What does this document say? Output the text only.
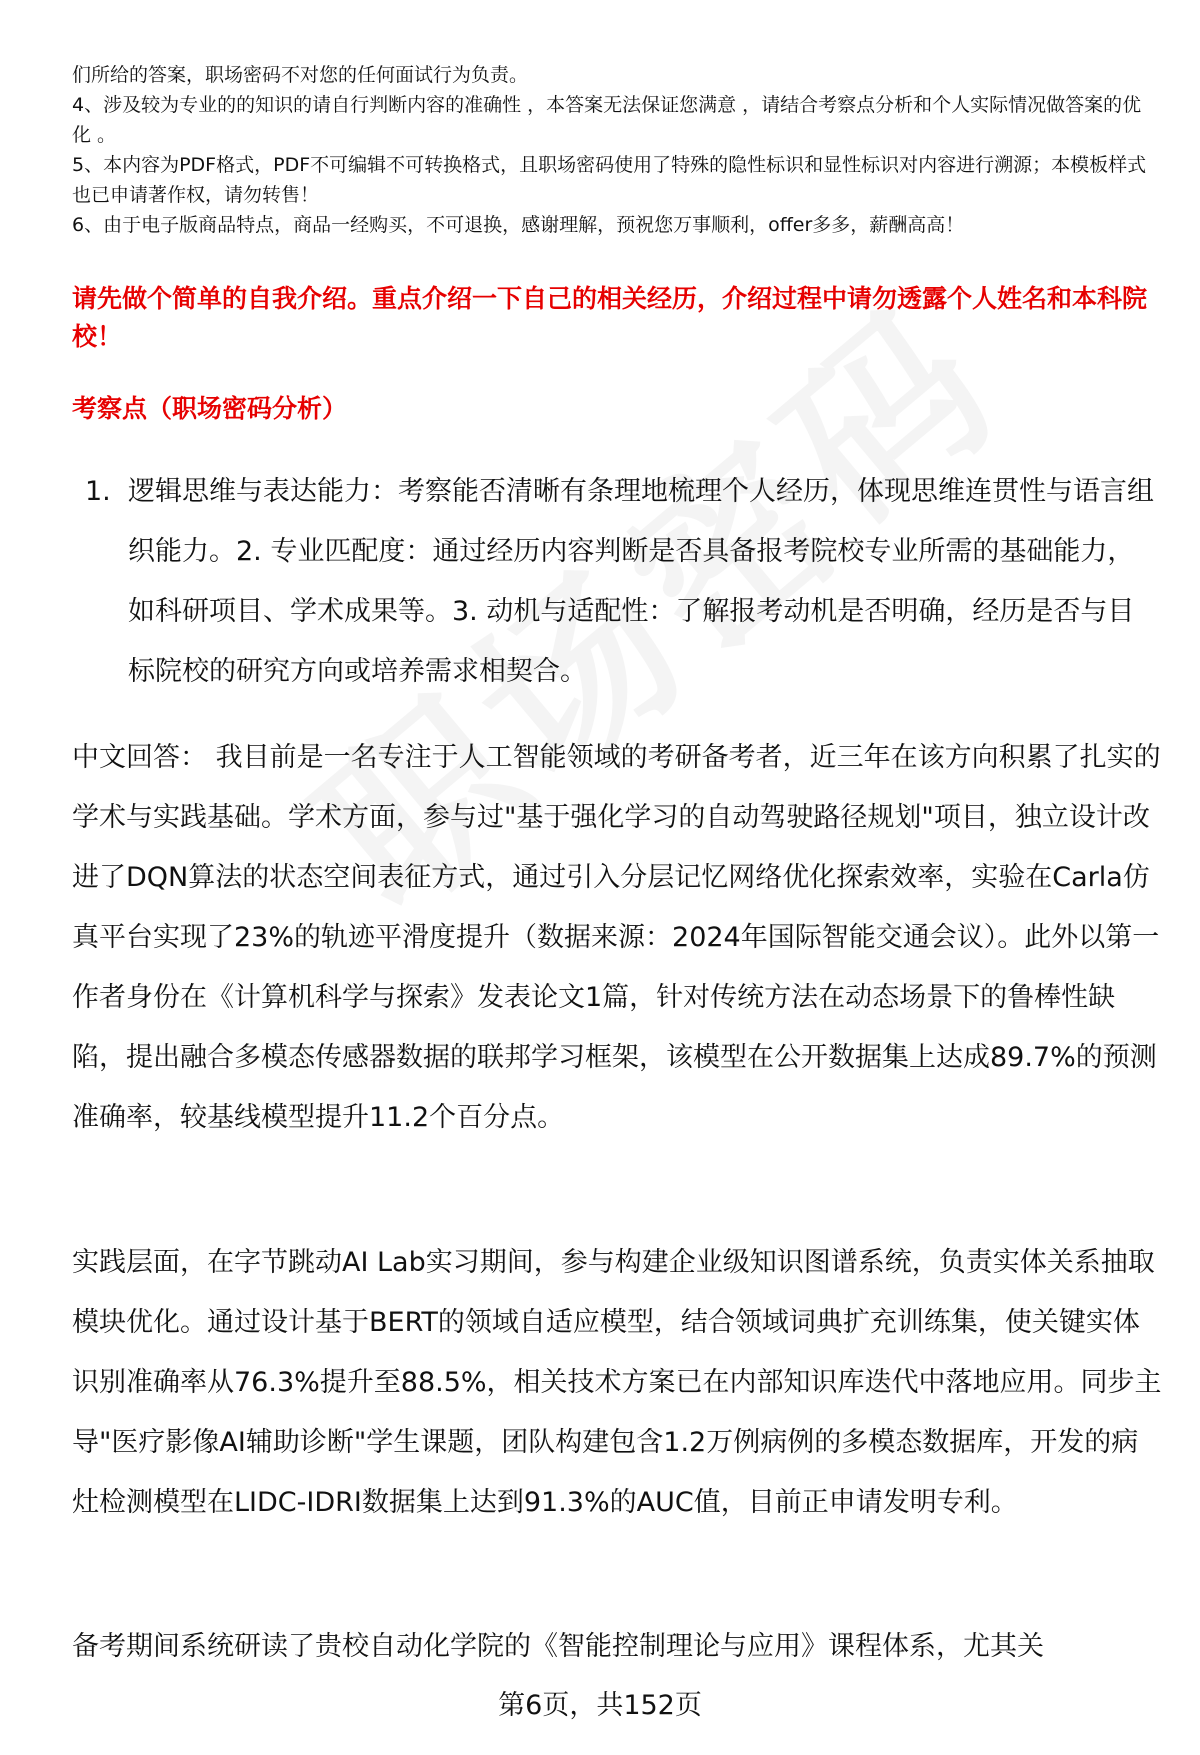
们所给的答案，职场密码不对您的任何面试行为负责。

4、涉及较为专业的的知识的请自行判断内容的准确性 ，本答案无法保证您满意 ，请结合考察点分析和个人实际情况做答案的优化 。

5、本内容为PDF格式，PDF不可编辑不可转换格式，且职场密码使用了特殊的隐性标识和显性标识对内容进行溯源；本模板样式也已申请著作权，请勿转售！

6、由于电子版商品特点，商品一经购买，不可退换，感谢理解，预祝您万事顺利，offer多多，薪酬高高！

请先做个简单的自我介绍。重点介绍一下自己的相关经历，介绍过程中请勿透露个人姓名和本科院校！
考察点（职场密码分析）
1. 逻辑思维与表达能力：考察能否清晰有条理地梳理个人经历，体现思维连贯性与语言组织能力。2. 专业匹配度：通过经历内容判断是否具备报考院校专业所需的基础能力，如科研项目、学术成果等。3. 动机与适配性：了解报考动机是否明确，经历是否与目标院校的研究方向或培养需求相契合。

中文回答： 我目前是一名专注于人工智能领域的考研备考者，近三年在该方向积累了扎实的学术与实践基础。学术方面，参与过"基于强化学习的自动驾驶路径规划"项目，独立设计改进了DQN算法的状态空间表征方式，通过引入分层记忆网络优化探索效率，实验在Carla仿真平台实现了23%的轨迹平滑度提升（数据来源：2024年国际智能交通会议）。此外以第一作者身份在《计算机科学与探索》发表论文1篇，针对传统方法在动态场景下的鲁棒性缺陷，提出融合多模态传感器数据的联邦学习框架，该模型在公开数据集上达成89.7%的预测准确率，较基线模型提升11.2个百分点。

实践层面，在字节跳动AI Lab实习期间，参与构建企业级知识图谱系统，负责实体关系抽取模块优化。通过设计基于BERT的领域自适应模型，结合领域词典扩充训练集，使关键实体识别准确率从76.3%提升至88.5%，相关技术方案已在内部知识库迭代中落地应用。同步主导"医疗影像AI辅助诊断"学生课题，团队构建包含1.2万例病例的多模态数据库，开发的病灶检测模型在LIDC-IDRI数据集上达到91.3%的AUC值，目前正申请发明专利。

备考期间系统研读了贵校自动化学院的《智能控制理论与应用》课程体系，尤其关

第6页，共152页
